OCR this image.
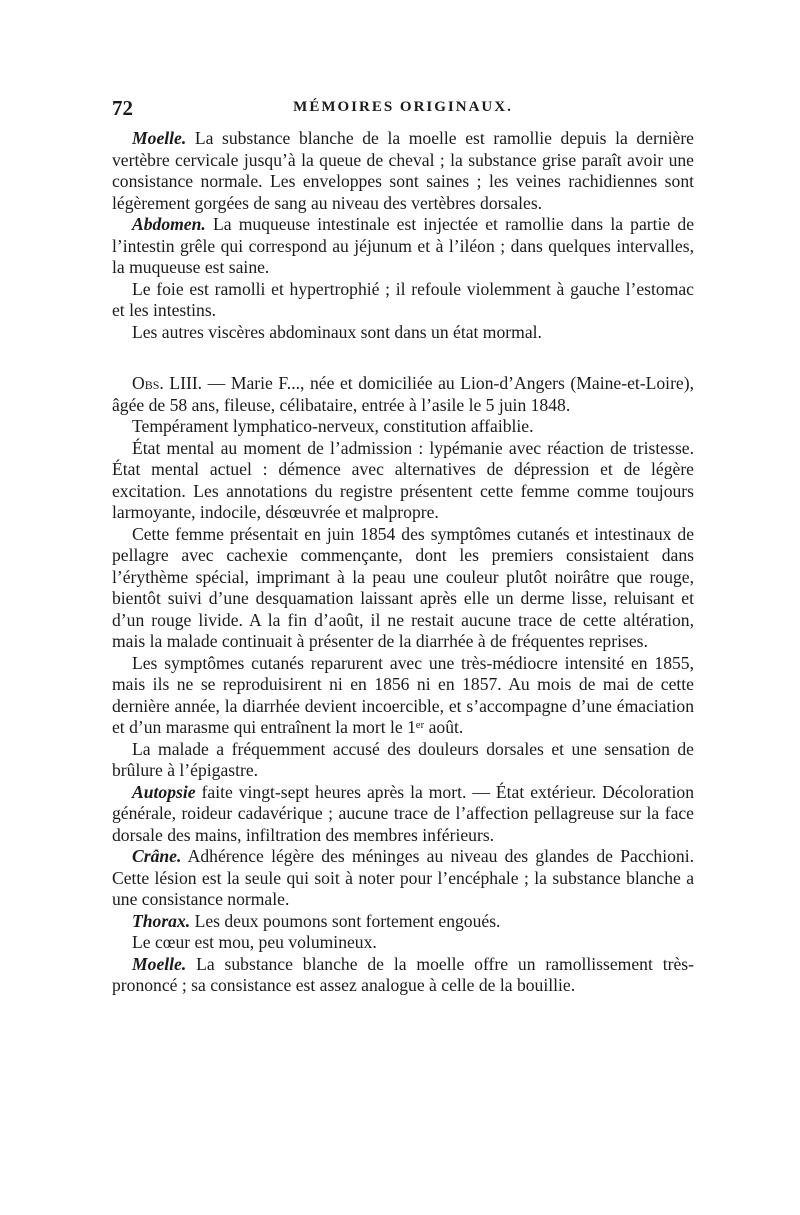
72	MÉMOIRES ORIGINAUX.

Moelle. La substance blanche de la moelle est ramollie depuis la dernière vertèbre cervicale jusqu’à la queue de cheval ; la substance grise paraît avoir une consistance normale. Les enveloppes sont saines ; les veines rachidiennes sont légèrement gorgées de sang au niveau des vertèbres dorsales.

Abdomen. La muqueuse intestinale est injectée et ramollie dans la partie de l’intestin grêle qui correspond au jéjunum et à l’iléon ; dans quelques intervalles, la muqueuse est saine.

Le foie est ramolli et hypertrophié ; il refoule violemment à gauche l’estomac et les intestins.

Les autres viscères abdominaux sont dans un état mormal.

Obs. LIII. — Marie F..., née et domiciliée au Lion-d’Angers (Maine-et-Loire), âgée de 58 ans, fileuse, célibataire, entrée à l’asile le 5 juin 1848.

Tempérament lymphatico-nerveux, constitution affaiblie.

État mental au moment de l’admission : lypémanie avec réaction de tristesse. État mental actuel : démence avec alternatives de dépression et de légère excitation. Les annotations du registre présentent cette femme comme toujours larmoyante, indocile, désœuvrée et malpropre.

Cette femme présentait en juin 1854 des symptômes cutanés et intestinaux de pellagre avec cachexie commençante, dont les premiers consistaient dans l’érythème spécial, imprimant à la peau une couleur plutôt noirâtre que rouge, bientôt suivi d’une desquamation laissant après elle un derme lisse, reluisant et d’un rouge livide. A la fin d’août, il ne restait aucune trace de cette altération, mais la malade continuait à présenter de la diarrhée à de fréquentes reprises.

Les symptômes cutanés reparurent avec une très-médiocre intensité en 1855, mais ils ne se reproduisirent ni en 1856 ni en 1857. Au mois de mai de cette dernière année, la diarrhée devient incoercible, et s’accompagne d’une émaciation et d’un marasme qui entraînent la mort le 1ᵉʳ août.

La malade a fréquemment accusé des douleurs dorsales et une sensation de brûlure à l’épigastre.

Autopsie faite vingt-sept heures après la mort. — État extérieur. Décoloration générale, roideur cadavérique ; aucune trace de l’affection pellagreuse sur la face dorsale des mains, infiltration des membres inférieurs.

Crâne. Adhérence légère des méninges au niveau des glandes de Pacchioni. Cette lésion est la seule qui soit à noter pour l’encéphale ; la substance blanche a une consistance normale.

Thorax. Les deux poumons sont fortement engoués.

Le cœur est mou, peu volumineux.

Moelle. La substance blanche de la moelle offre un ramollissement très-prononcé ; sa consistance est assez analogue à celle de la bouillie.
